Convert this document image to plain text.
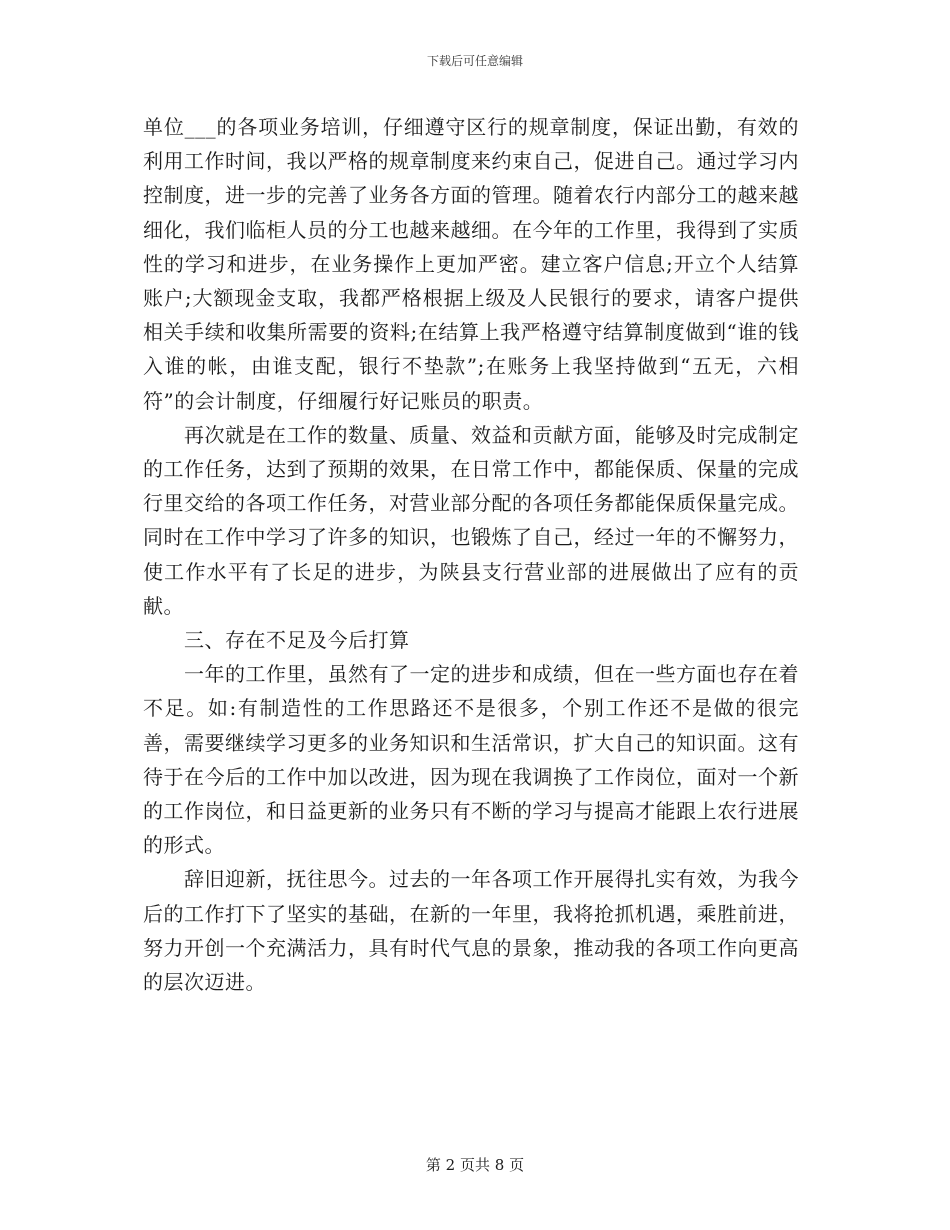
下载后可任意编辑

单位___的各项业务培训，仔细遵守区行的规章制度，保证出勤，有效的利用工作时间，我以严格的规章制度来约束自己，促进自己。通过学习内控制度，进一步的完善了业务各方面的管理。随着农行内部分工的越来越细化，我们临柜人员的分工也越来越细。在今年的工作里，我得到了实质性的学习和进步，在业务操作上更加严密。建立客户信息;开立个人结算账户;大额现金支取，我都严格根据上级及人民银行的要求，请客户提供相关手续和收集所需要的资料;在结算上我严格遵守结算制度做到“谁的钱入谁的帐，由谁支配，银行不垫款”;在账务上我坚持做到“五无，六相符”的会计制度，仔细履行好记账员的职责。

再次就是在工作的数量、质量、效益和贡献方面，能够及时完成制定的工作任务，达到了预期的效果，在日常工作中，都能保质、保量的完成行里交给的各项工作任务，对营业部分配的各项任务都能保质保量完成。同时在工作中学习了许多的知识，也锻炼了自己，经过一年的不懈努力，使工作水平有了长足的进步，为陕县支行营业部的进展做出了应有的贡献。

三、存在不足及今后打算

一年的工作里，虽然有了一定的进步和成绩，但在一些方面也存在着不足。如:有制造性的工作思路还不是很多，个别工作还不是做的很完善，需要继续学习更多的业务知识和生活常识，扩大自己的知识面。这有待于在今后的工作中加以改进，因为现在我调换了工作岗位，面对一个新的工作岗位，和日益更新的业务只有不断的学习与提高才能跟上农行进展的形式。

辞旧迎新，抚往思今。过去的一年各项工作开展得扎实有效，为我今后的工作打下了坚实的基础，在新的一年里，我将抢抓机遇，乘胜前进，努力开创一个充满活力，具有时代气息的景象，推动我的各项工作向更高的层次迈进。

第 2 页共 8 页
